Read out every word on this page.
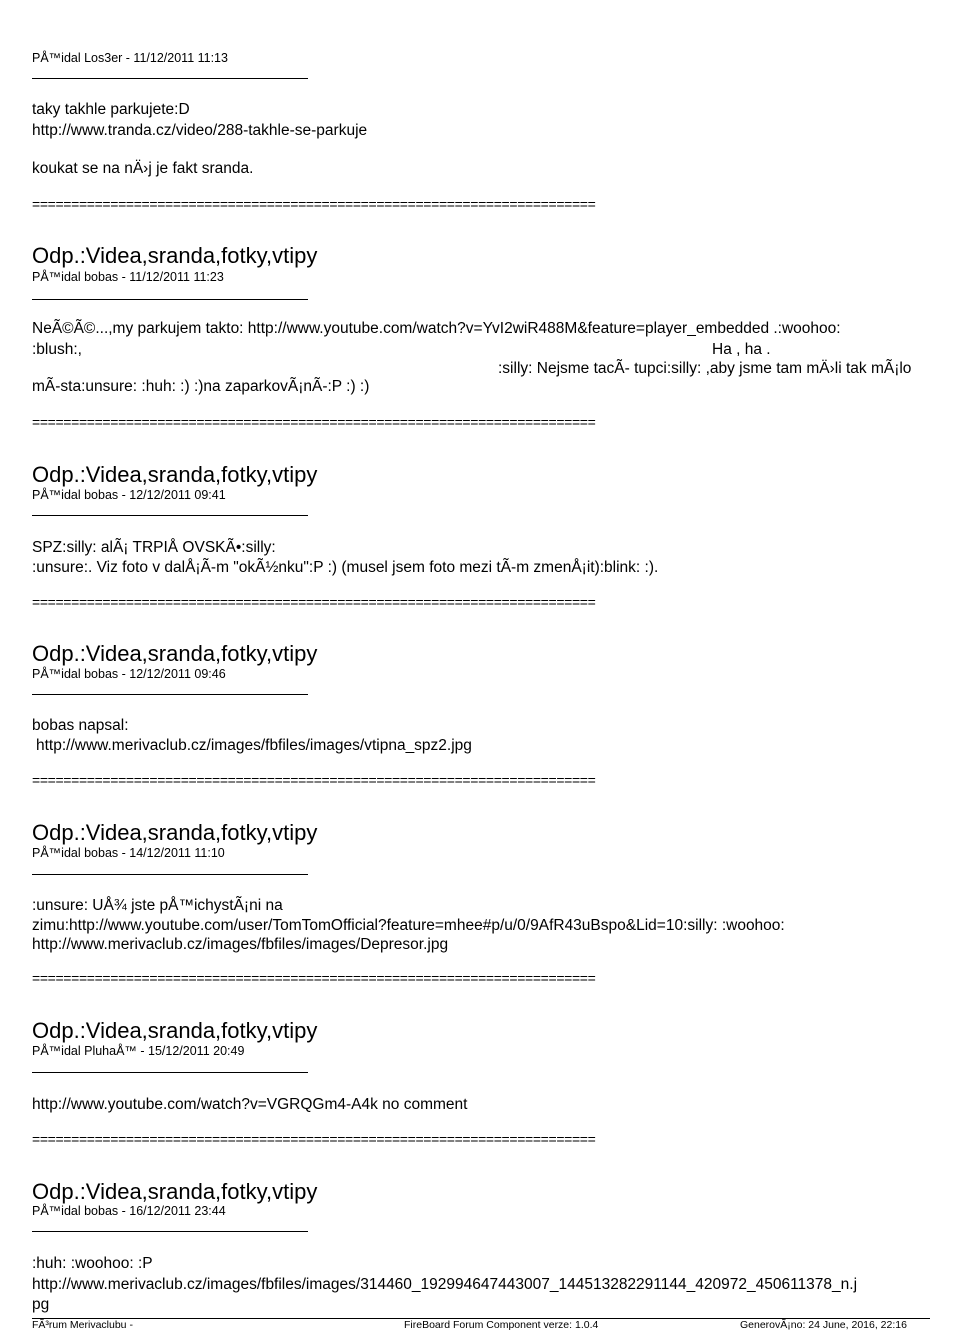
PÅ™idal Los3er - 11/12/2011 11:13
taky takhle parkujete:D
http://www.tranda.cz/video/288-takhle-se-parkuje
koukat se na nÄ›j je fakt sranda.
========================================================================
Odp.:Videa,sranda,fotky,vtipy
PÅ™idal bobas - 11/12/2011 11:23
NeÃ©Ã©...,my parkujem takto: http://www.youtube.com/watch?v=YvI2wiR488M&feature=player_embedded .:woohoo:
:blush:,	Ha , ha .
:silly: Nejsme tacÃ- tupci:silly: ,aby jsme tam mÄ›li tak mÃ¡lo
mÃ-sta:unsure: :huh: :) :)na zaparkovÃ¡nÃ-:P :) :)
========================================================================
Odp.:Videa,sranda,fotky,vtipy
PÅ™idal bobas - 12/12/2011 09:41
SPZ:silly: alÃ¡ TRPIÅ OVSKÃ•:silly:
:unsure:. Viz foto v dalÅ¡Ã-m "okÃ½nku":P :) (musel jsem foto mezi tÃ-m zmenÅ¡it):blink: :).
========================================================================
Odp.:Videa,sranda,fotky,vtipy
PÅ™idal bobas - 12/12/2011 09:46
bobas napsal:
http://www.merivaclub.cz/images/fbfiles/images/vtipna_spz2.jpg
========================================================================
Odp.:Videa,sranda,fotky,vtipy
PÅ™idal bobas - 14/12/2011 11:10
:unsure: UÅ¾ jste pÅ™ichystÃ¡ni na
zimu:http://www.youtube.com/user/TomTomOfficial?feature=mhee#p/u/0/9AfR43uBspo&Lid=10:silly: :woohoo:
http://www.merivaclub.cz/images/fbfiles/images/Depresor.jpg
========================================================================
Odp.:Videa,sranda,fotky,vtipy
PÅ™idal PluhaÅ™ - 15/12/2011 20:49
http://www.youtube.com/watch?v=VGRQGm4-A4k no comment
========================================================================
Odp.:Videa,sranda,fotky,vtipy
PÅ™idal bobas - 16/12/2011 23:44
:huh: :woohoo: :P
http://www.merivaclub.cz/images/fbfiles/images/314460_192994647443007_144513282291144_420972_450611378_n.j
pg
FÃ³rum Merivaclubu -	FireBoard Forum Component verze: 1.0.4	GenerovÃ¡no: 24 June, 2016, 22:16
